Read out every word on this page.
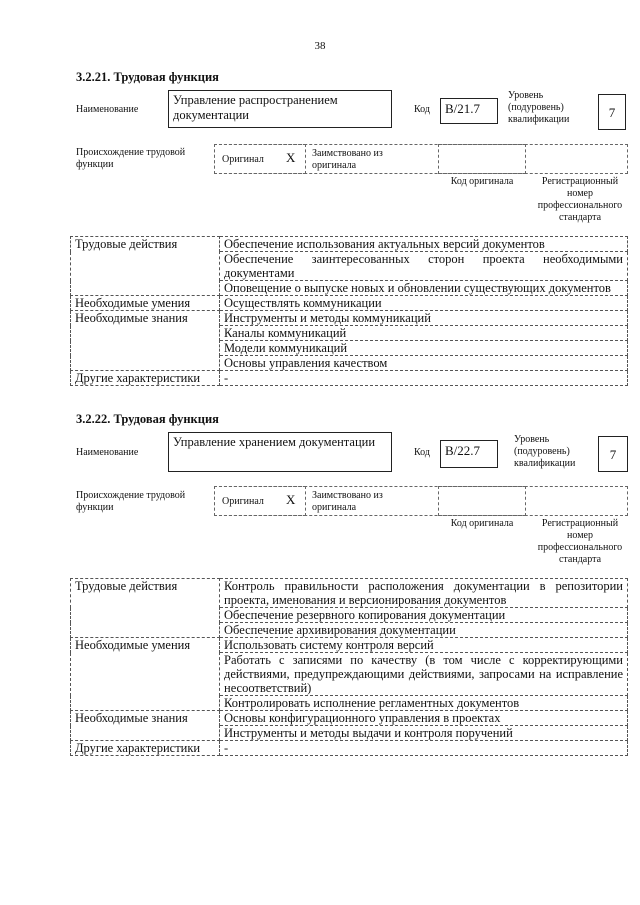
38
3.2.21. Трудовая функция
Наименование
Управление распространением документации	Код	B/21.7
Уровень (подуровень) квалификации	7
Происхождение трудовой функции	Оригинал X Заимствовано из оригинала
Код оригинала	Регистрационный номер профессионального стандарта
Трудовые действия	Обеспечение использования актуальных версий документов
	Обеспечение заинтересованных сторон проекта необходимыми документами
	Оповещение о выпуске новых и обновлении существующих документов
Необходимые умения	Осуществлять коммуникации
Необходимые знания	Инструменты и методы коммуникаций
	Каналы коммуникаций
	Модели коммуникаций
	Основы управления качеством
Другие характеристики	-
3.2.22. Трудовая функция
Наименование
Управление хранением документации
Код	B/22.7
Уровень (подуровень) квалификации
7
Происхождение трудовой функции
Оригинал X Заимствовано из оригинала
Код оригинала	Регистрационный номер профессионального стандарта
Трудовые действия	Контроль правильности расположения документации в репозитории проекта, именования и версионирования документов
	Обеспечение резервного копирования документации
	Обеспечение архивирования документации
Необходимые умения	Использовать систему контроля версий
	Работать с записями по качеству (в том числе с корректирующими действиями, предупреждающими действиями, запросами на исправление несоответствий)
	Контролировать исполнение регламентных документов
Необходимые знания	Основы конфигурационного управления в проектах
	Инструменты и методы выдачи и контроля поручений
Другие характеристики	-
